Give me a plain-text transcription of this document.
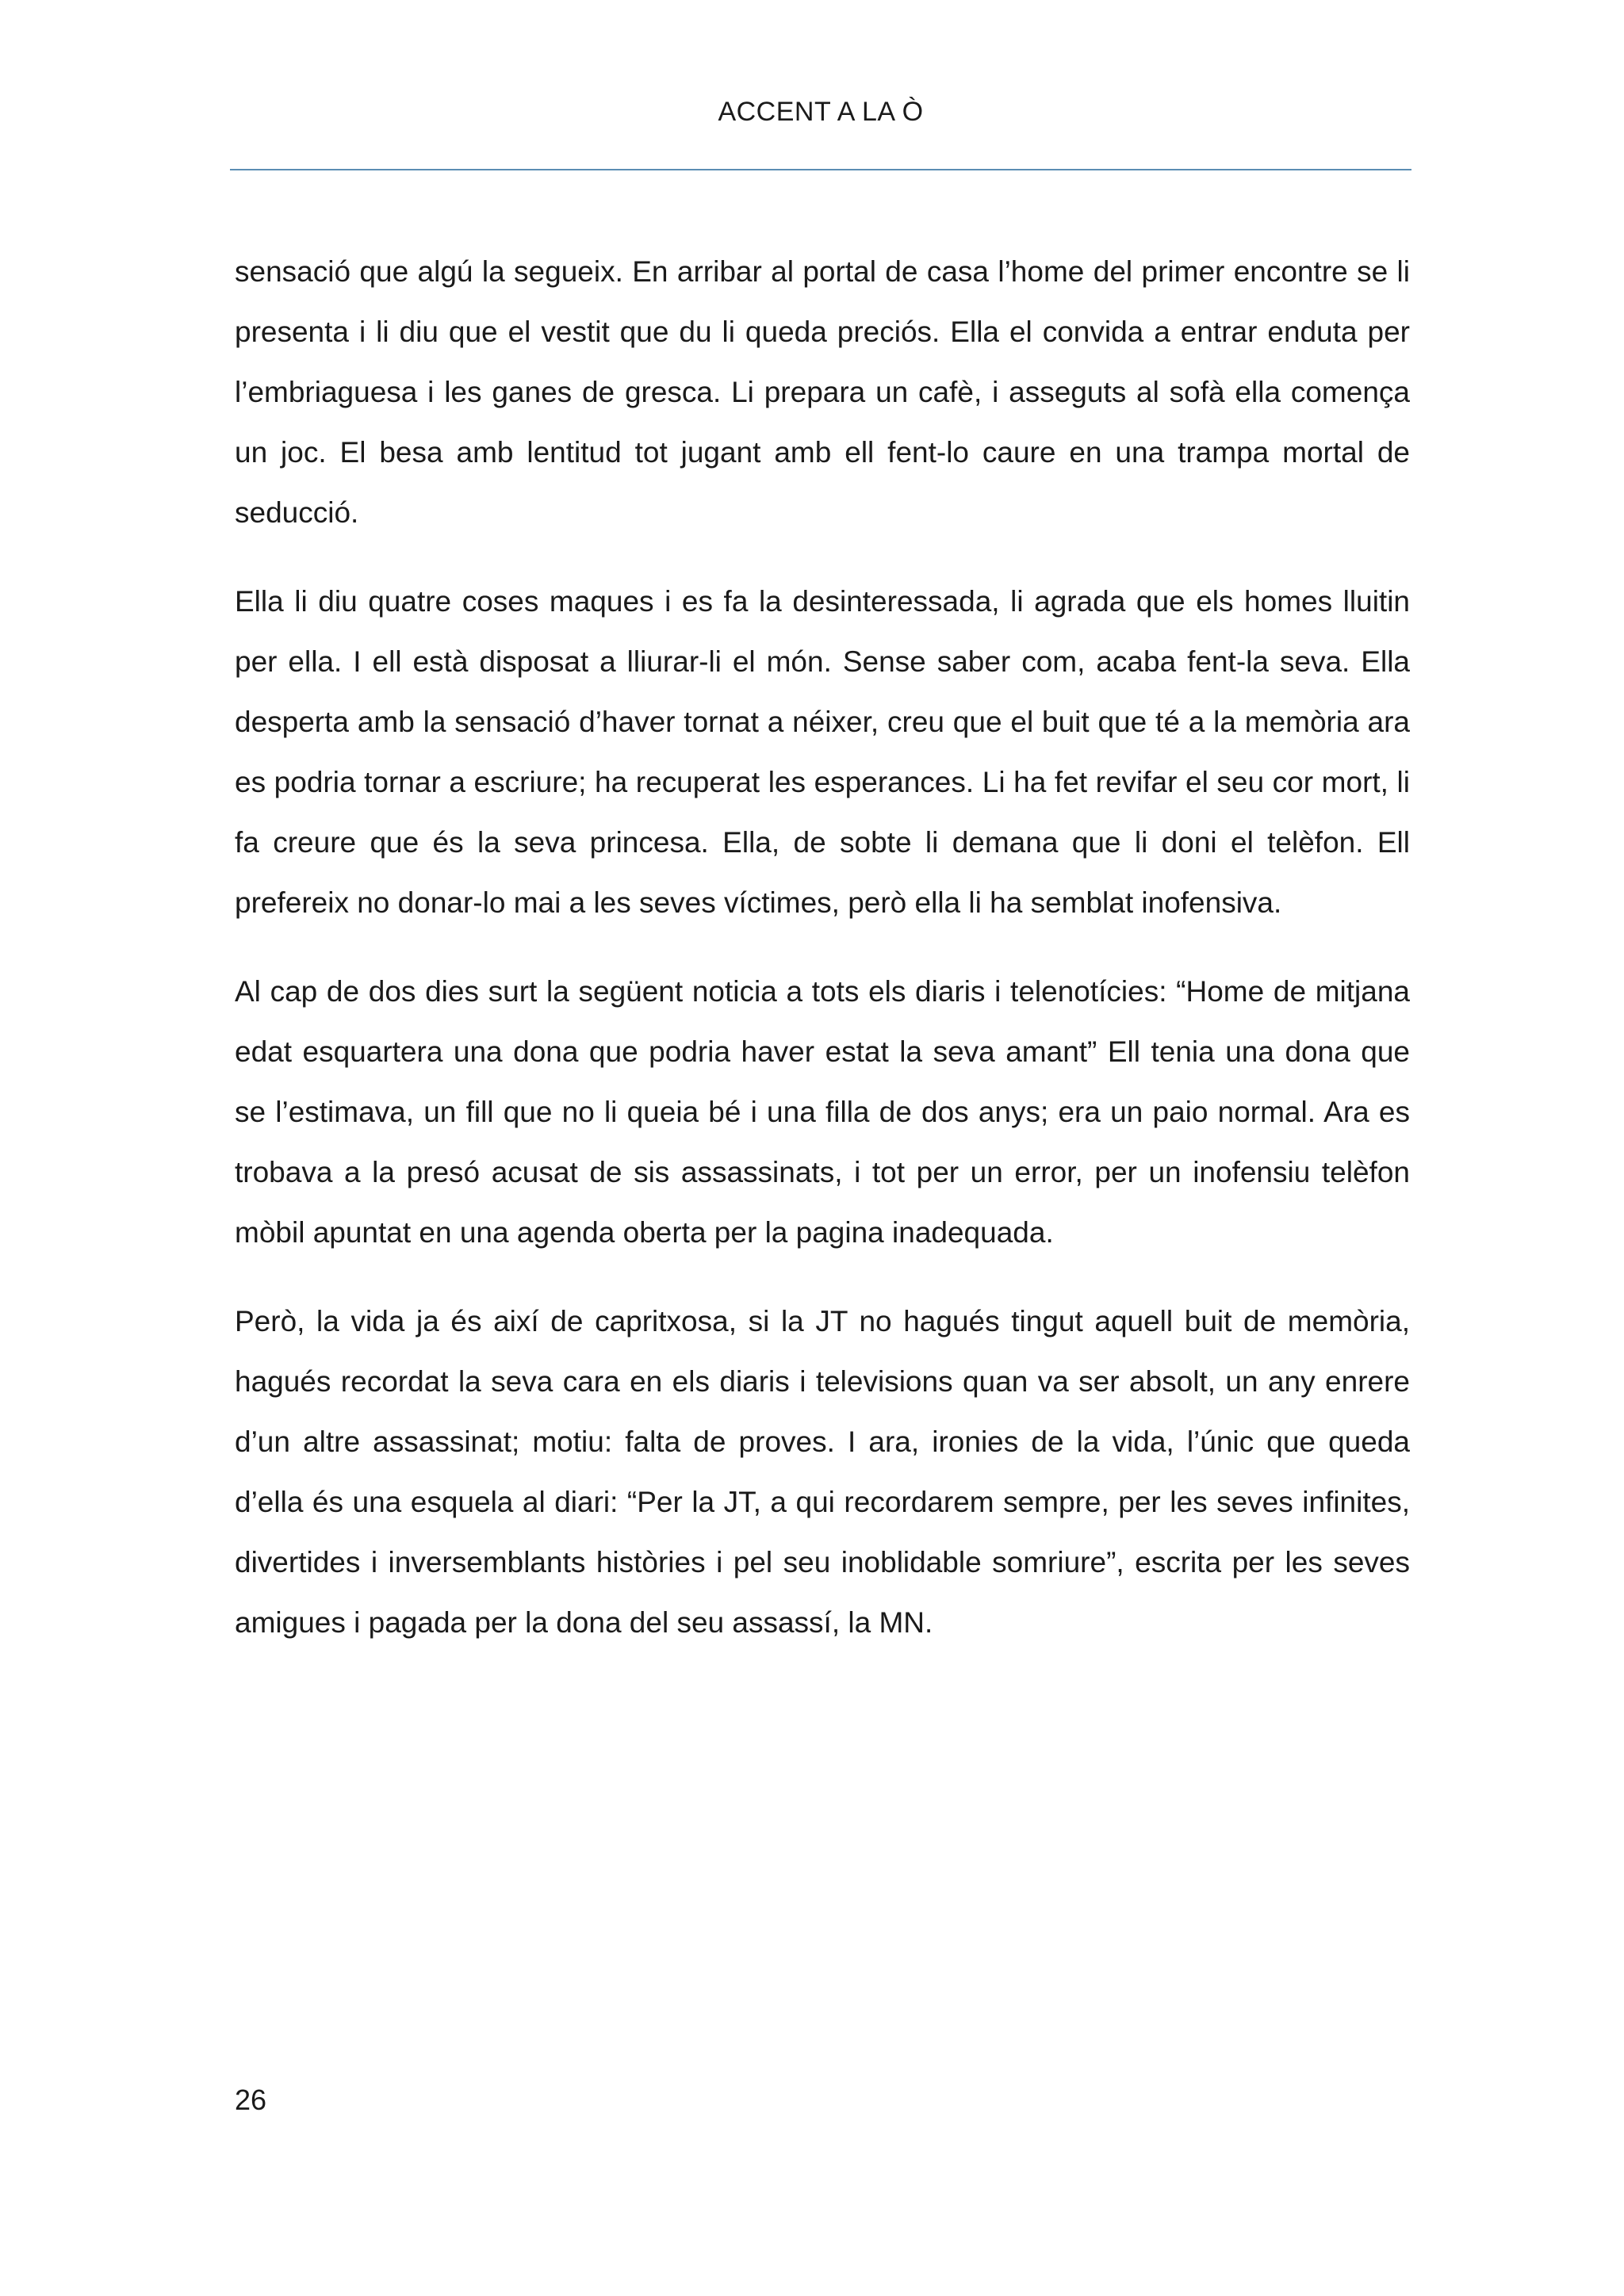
ACCENT A LA Ò

sensació que algú la segueix. En arribar al portal de casa l’home del primer encontre se li presenta i li diu que el vestit que du li queda preciós. Ella el convida a entrar enduta per l’embriaguesa i les ganes de gresca. Li prepara un cafè, i asseguts al sofà ella comença un joc. El besa amb lentitud tot jugant amb ell fent-lo caure en una trampa mortal de seducció.

Ella li diu quatre coses maques i es fa la desinteressada, li agrada que els homes lluitin per ella. I ell està disposat a lliurar-li el món. Sense saber com, acaba fent-la seva. Ella desperta amb la sensació d’haver tornat a néixer, creu que el buit que té a la memòria ara es podria tornar a escriure; ha recuperat les esperances. Li ha fet revifar el seu cor mort, li fa creure que és la seva princesa. Ella, de sobte li demana que li doni el telèfon. Ell prefereix no donar-lo mai a les seves víctimes, però ella li ha semblat inofensiva.

Al cap de dos dies surt la següent noticia a tots els diaris i telenotícies: “Home de mitjana edat esquartera una dona que podria haver estat la seva amant” Ell tenia una dona que se l’estimava, un fill que no li queia bé i una filla de dos anys; era un paio normal. Ara es trobava a la presó acusat de sis assassinats, i tot per un error, per un inofensiu telèfon mòbil apuntat en una agenda oberta per la pagina inadequada.

Però, la vida ja és així de capritxosa, si la JT no hagués tingut aquell buit de memòria, hagués recordat la seva cara en els diaris i televisions quan va ser absolt, un any enrere d’un altre assassinat; motiu: falta de proves. I ara, ironies de la vida, l’únic que queda d’ella és una esquela al diari: “Per la JT, a qui recordarem sempre, per les seves infinites, divertides i inversemblants històries i pel seu inoblidable somriure”, escrita per les seves amigues i pagada per la dona del seu assassí, la MN.

26
